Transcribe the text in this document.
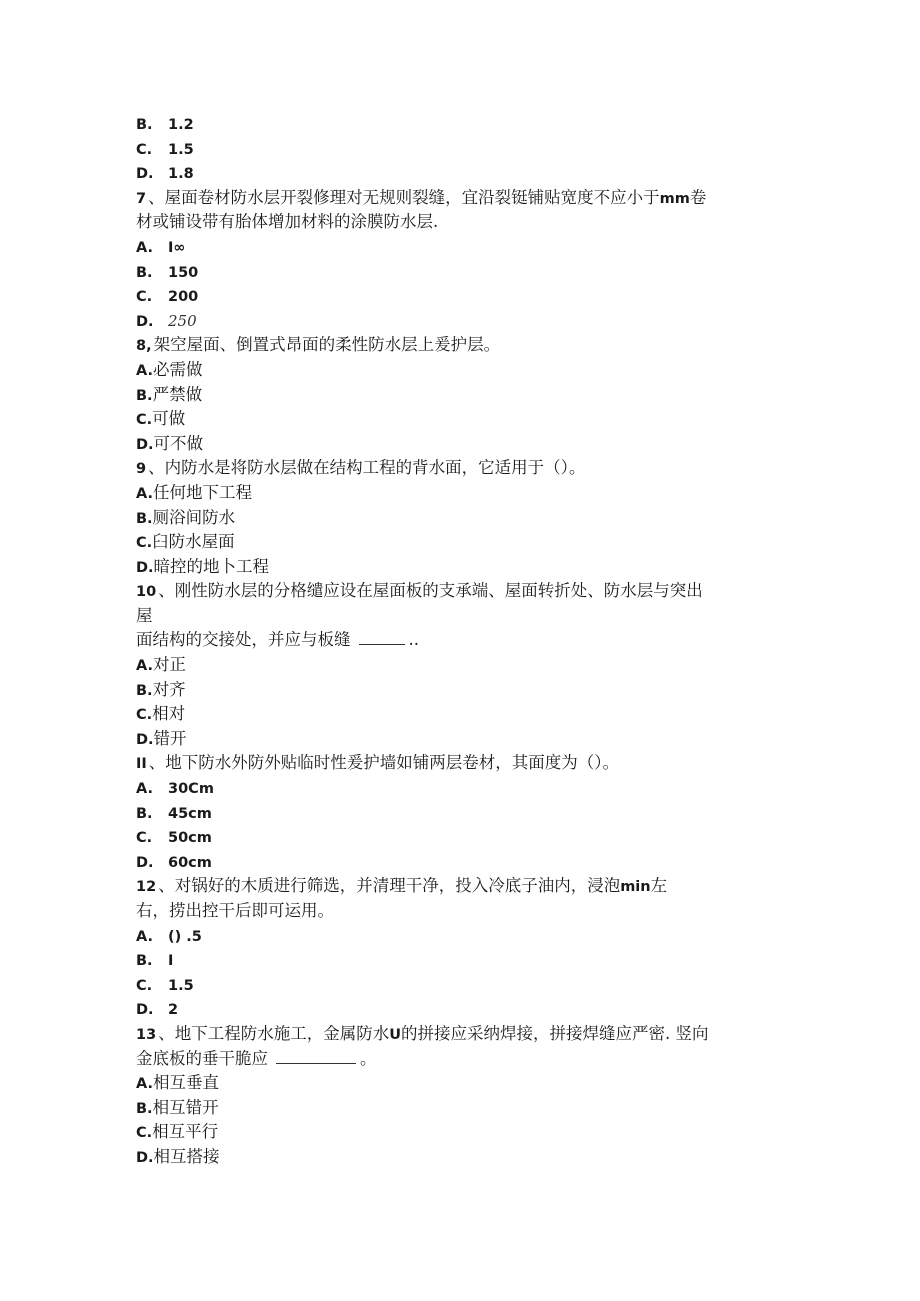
B. 1.2
C. 1.5
D. 1.8
7 、屋面卷材防水层开裂修理对无规则裂缝，宜沿裂铤铺贴宽度不应小于mm卷
材或铺设带有胎体增加材料的涂膜防水层.
A. I∞
B. 150
C. 200
D. 250
8, 架空屋面、倒置式昂面的柔性防水层上爰护层。
A.必需做
B.严禁做
C.可做
D.可不做
9 、内防水是将防水层做在结构工程的背水面，它适用于（）。
A.任何地下工程
B.厕浴间防水
C.臼防水屋面
D.暗控的地卜工程
10 、刚性防水层的分格缱应设在屋面板的支承端、屋面转折处、防水层与突出
屋
面结构的交接处，并应与板缝	..
A.对正
B.对齐
C.相对
D.错开
II 、地下防水外防外贴临时性爰护墙如铺两层卷材，其面度为（）。
A. 30Cm
B. 45cm
C. 50cm
D. 60cm
12 、对锅好的木质进行筛选，并清理干净，投入冷底子油内，浸泡min左
右，捞出控干后即可运用。
A. () .5
B. I
C. 1.5
D. 2
13 、地下工程防水施工，金属防水U的拼接应采纳焊接，拼接焊缝应严密. 竖向
金底板的垂干脆应	。
A.相互垂直
B.相互错开
C.相互平行
D.相互搭接
